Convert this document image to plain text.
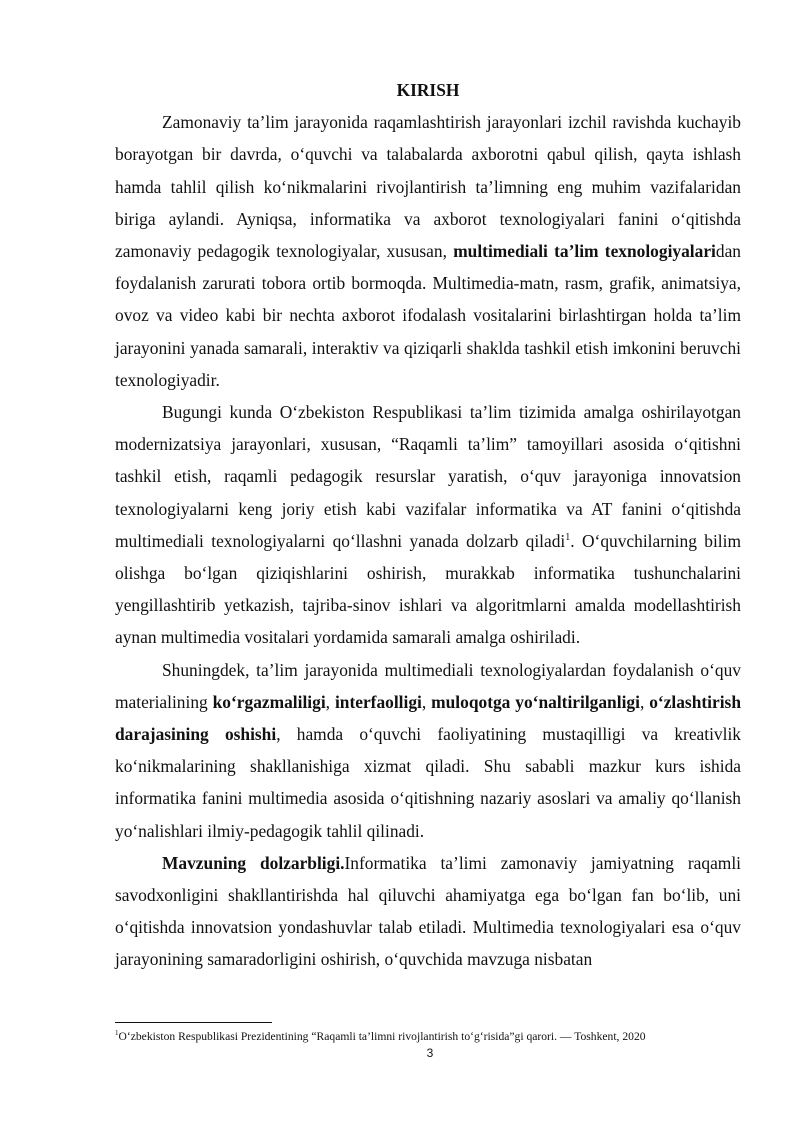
KIRISH

Zamonaviy ta’lim jarayonida raqamlashtirish jarayonlari izchil ravishda kuchayib borayotgan bir davrda, o‘quvchi va talabalarda axborotni qabul qilish, qayta ishlash hamda tahlil qilish ko‘nikmalarini rivojlantirish ta’limning eng muhim vazifalaridan biriga aylandi. Ayniqsa, informatika va axborot texnologiyalari fanini o‘qitishda zamonaviy pedagogik texnologiyalar, xususan, multimediali ta’lim texnologiyalaridan foydalanish zarurati tobora ortib bormoqda. Multimedia-matn, rasm, grafik, animatsiya, ovoz va video kabi bir nechta axborot ifodalash vositalarini birlashtirgan holda ta’lim jarayonini yanada samarali, interaktiv va qiziqarli shaklda tashkil etish imkonini beruvchi texnologiyadir.

Bugungi kunda O‘zbekiston Respublikasi ta’lim tizimida amalga oshirilayotgan modernizatsiya jarayonlari, xususan, “Raqamli ta’lim” tamoyillari asosida o‘qitishni tashkil etish, raqamli pedagogik resurslar yaratish, o‘quv jarayoniga innovatsion texnologiyalarni keng joriy etish kabi vazifalar informatika va AT fanini o‘qitishda multimediali texnologiyalarni qo‘llashni yanada dolzarb qiladi$^1$. O‘quvchilarning bilim olishga bo‘lgan qiziqishlarini oshirish, murakkab informatika tushunchalarini yengillashtirib yetkazish, tajriba-sinov ishlari va algoritmlarni amalda modellashtirish aynan multimedia vositalari yordamida samarali amalga oshiriladi.

Shuningdek, ta’lim jarayonida multimediali texnologiyalardan foydalanish o‘quv materialining ko‘rgazmaliligi, interfaolligi, muloqotga yo‘naltirilganligi, o‘zlashtirish darajasining oshishi, hamda o‘quvchi faoliyatining mustaqilligi va kreativlik ko‘nikmalarining shakllanishiga xizmat qiladi. Shu sababli mazkur kurs ishida informatika fanini multimedia asosida o‘qitishning nazariy asoslari va amaliy qo‘llanish yo‘nalishlari ilmiy-pedagogik tahlil qilinadi.

Mavzuning dolzarbligi.Informatika ta’limi zamonaviy jamiyatning raqamli savodxonligini shakllantirishda hal qiluvchi ahamiyatga ega bo‘lgan fan bo‘lib, uni o‘qitishda innovatsion yondashuvlar talab etiladi. Multimedia texnologiyalari esa o‘quv jarayonining samaradorligini oshirish, o‘quvchida mavzuga nisbatan

$^1$O‘zbekiston Respublikasi Prezidentining “Raqamli ta’limni rivojlantirish to‘g‘risida”gi qarori. — Toshkent, 2020
3
